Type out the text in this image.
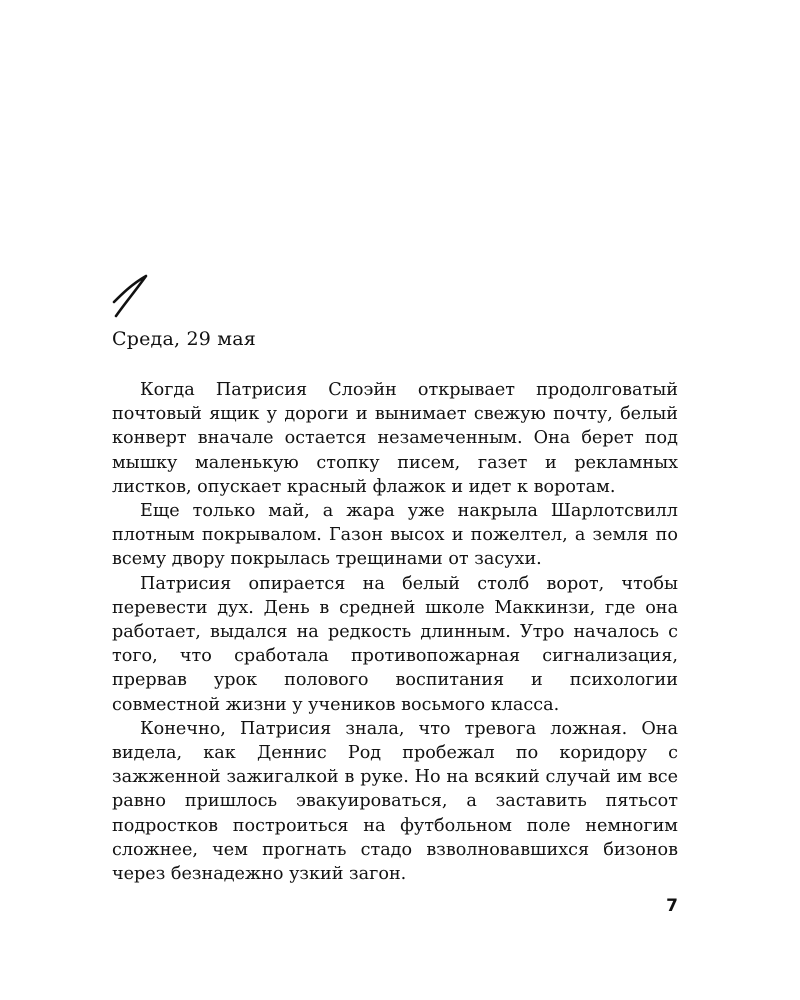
Среда, 29 мая

Когда Патрисия Слоэйн открывает продолговатый почтовый ящик у дороги и вынимает свежую почту, белый конверт вначале остается незамеченным. Она берет под мышку маленькую стопку писем, газет и рекламных листков, опускает красный флажок и идет к воротам.

Еще только май, а жара уже накрыла Шарлотсвилл плотным покрывалом. Газон высох и пожелтел, а земля по всему двору покрылась трещинами от засухи.

Патрисия опирается на белый столб ворот, чтобы перевести дух. День в средней школе Маккинзи, где она работает, выдался на редкость длинным. Утро началось с того, что сработала противопожарная сигнализация, прервав урок полового воспитания и психологии совместной жизни у учеников восьмого класса.

Конечно, Патрисия знала, что тревога ложная. Она видела, как Деннис Род пробежал по коридору с зажженной зажигалкой в руке. Но на всякий случай им все равно пришлось эвакуироваться, а заставить пятьсот подростков построиться на футбольном поле немногим сложнее, чем прогнать стадо взволновавшихся бизонов через безнадежно узкий загон.

7
